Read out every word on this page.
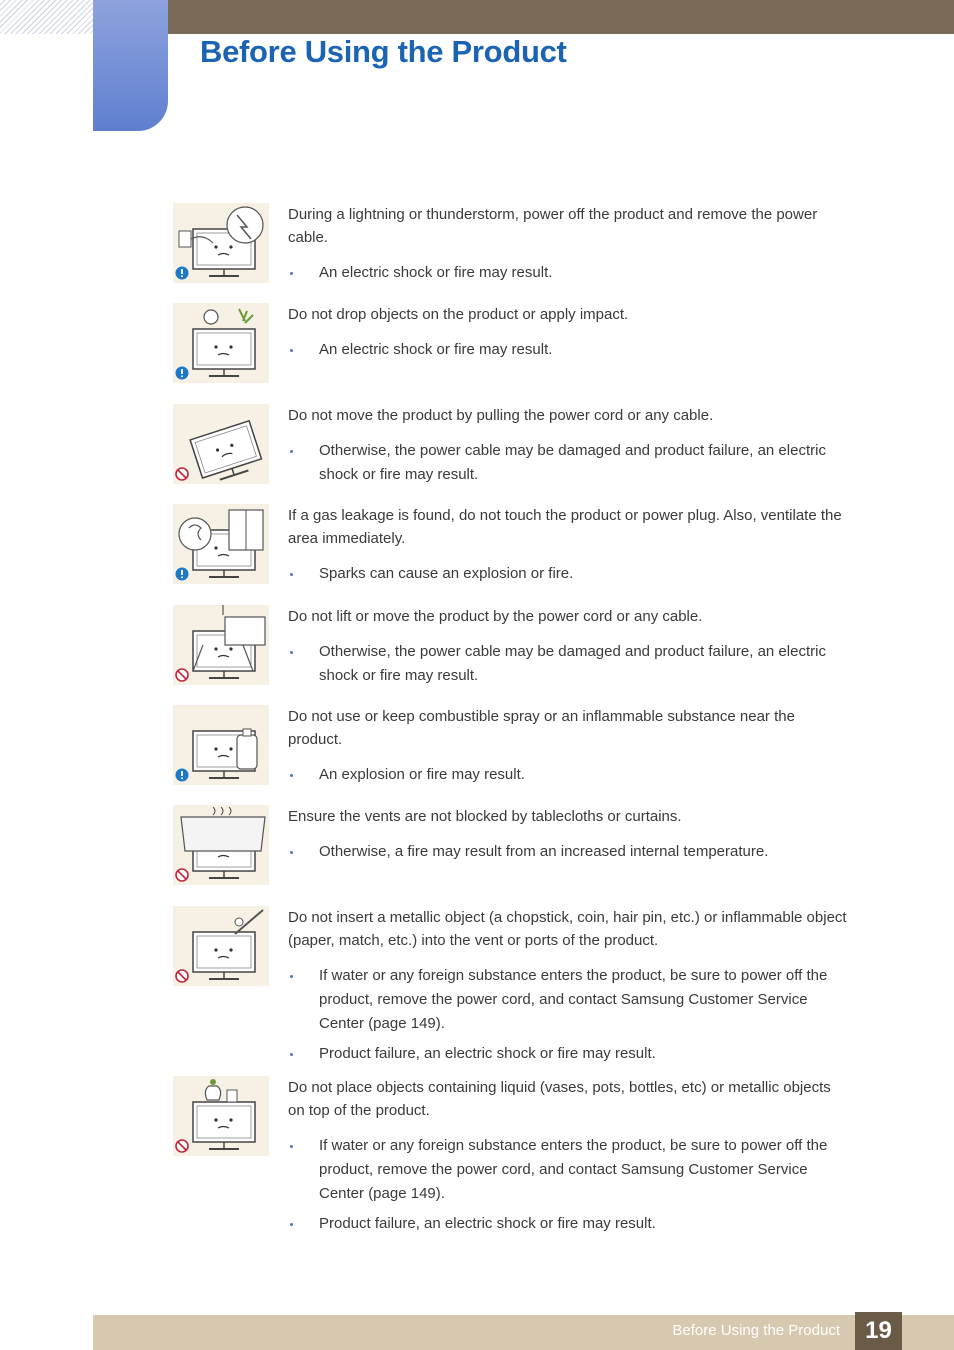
Before Using the Product

During a lightning or thunderstorm, power off the product and remove the power cable.

An electric shock or fire may result.

Do not drop objects on the product or apply impact.

An electric shock or fire may result.

Do not move the product by pulling the power cord or any cable.

Otherwise, the power cable may be damaged and product failure, an electric shock or fire may result.

If a gas leakage is found, do not touch the product or power plug. Also, ventilate the area immediately.

Sparks can cause an explosion or fire.

Do not lift or move the product by the power cord or any cable.

Otherwise, the power cable may be damaged and product failure, an electric shock or fire may result.

Do not use or keep combustible spray or an inflammable substance near the product.

An explosion or fire may result.

Ensure the vents are not blocked by tablecloths or curtains.

Otherwise, a fire may result from an increased internal temperature.

Do not insert a metallic object (a chopstick, coin, hair pin, etc.) or inflammable object (paper, match, etc.) into the vent or ports of the product.

If water or any foreign substance enters the product, be sure to power off the product, remove the power cord, and contact Samsung Customer Service Center (page 149).
Product failure, an electric shock or fire may result.

Do not place objects containing liquid (vases, pots, bottles, etc) or metallic objects on top of the product.

If water or any foreign substance enters the product, be sure to power off the product, remove the power cord, and contact Samsung Customer Service Center (page 149).
Product failure, an electric shock or fire may result.
Before Using the Product	19
